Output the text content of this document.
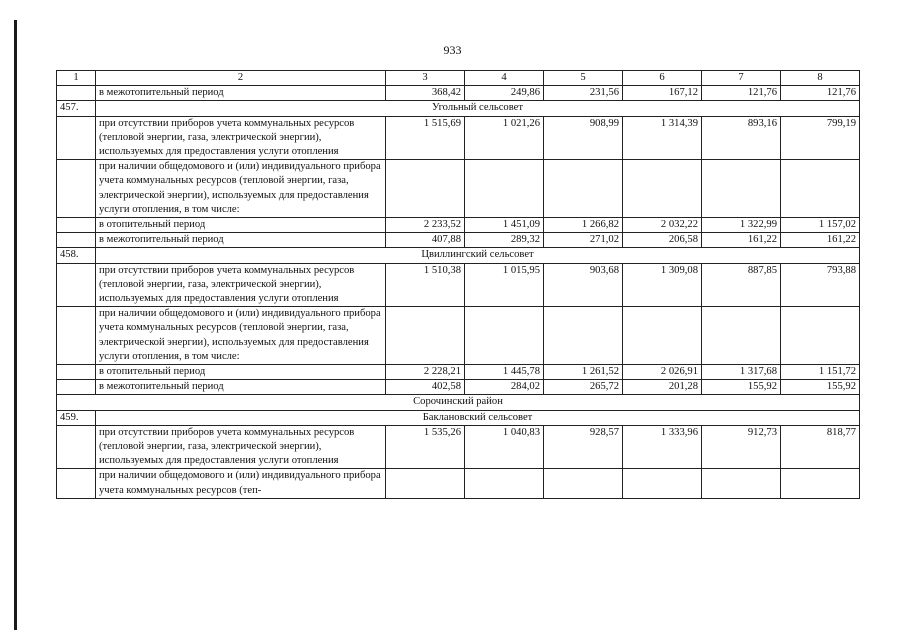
933
1	2	3	4	5	6	7	8
	в межотопительный период	368,42	249,86	231,56	167,12	121,76	121,76
457.	Угольный сельсовет						
	при отсутствии приборов учета коммунальных ресурсов (тепловой энергии, газа, электрической энергии), используемых для предоставления услуги отопления	1 515,69	1 021,26	908,99	1 314,39	893,16	799,19
	при наличии общедомового и (или) индивидуального прибора учета коммунальных ресурсов (тепловой энергии, газа, электрической энергии), используемых для предоставления услуги отопления, в том числе:						
	в отопительный период	2 233,52	1 451,09	1 266,82	2 032,22	1 322,99	1 157,02
	в межотопительный период	407,88	289,32	271,02	206,58	161,22	161,22
458.	Цвиллингский сельсовет						
	при отсутствии приборов учета коммунальных ресурсов (тепловой энергии, газа, электрической энергии), используемых для предоставления услуги отопления	1 510,38	1 015,95	903,68	1 309,08	887,85	793,88
	при наличии общедомового и (или) индивидуального прибора учета коммунальных ресурсов (тепловой энергии, газа, электрической энергии), используемых для предоставления услуги отопления, в том числе:						
	в отопительный период	2 228,21	1 445,78	1 261,52	2 026,91	1 317,68	1 151,72
	в межотопительный период	402,58	284,02	265,72	201,28	155,92	155,92
Сорочинский район							
459.	Баклановский сельсовет						
	при отсутствии приборов учета коммунальных ресурсов (тепловой энергии, газа, электрической энергии), используемых для предоставления услуги отопления	1 535,26	1 040,83	928,57	1 333,96	912,73	818,77
	при наличии общедомового и (или) индивидуального прибора учета коммунальных ресурсов (теп-						
